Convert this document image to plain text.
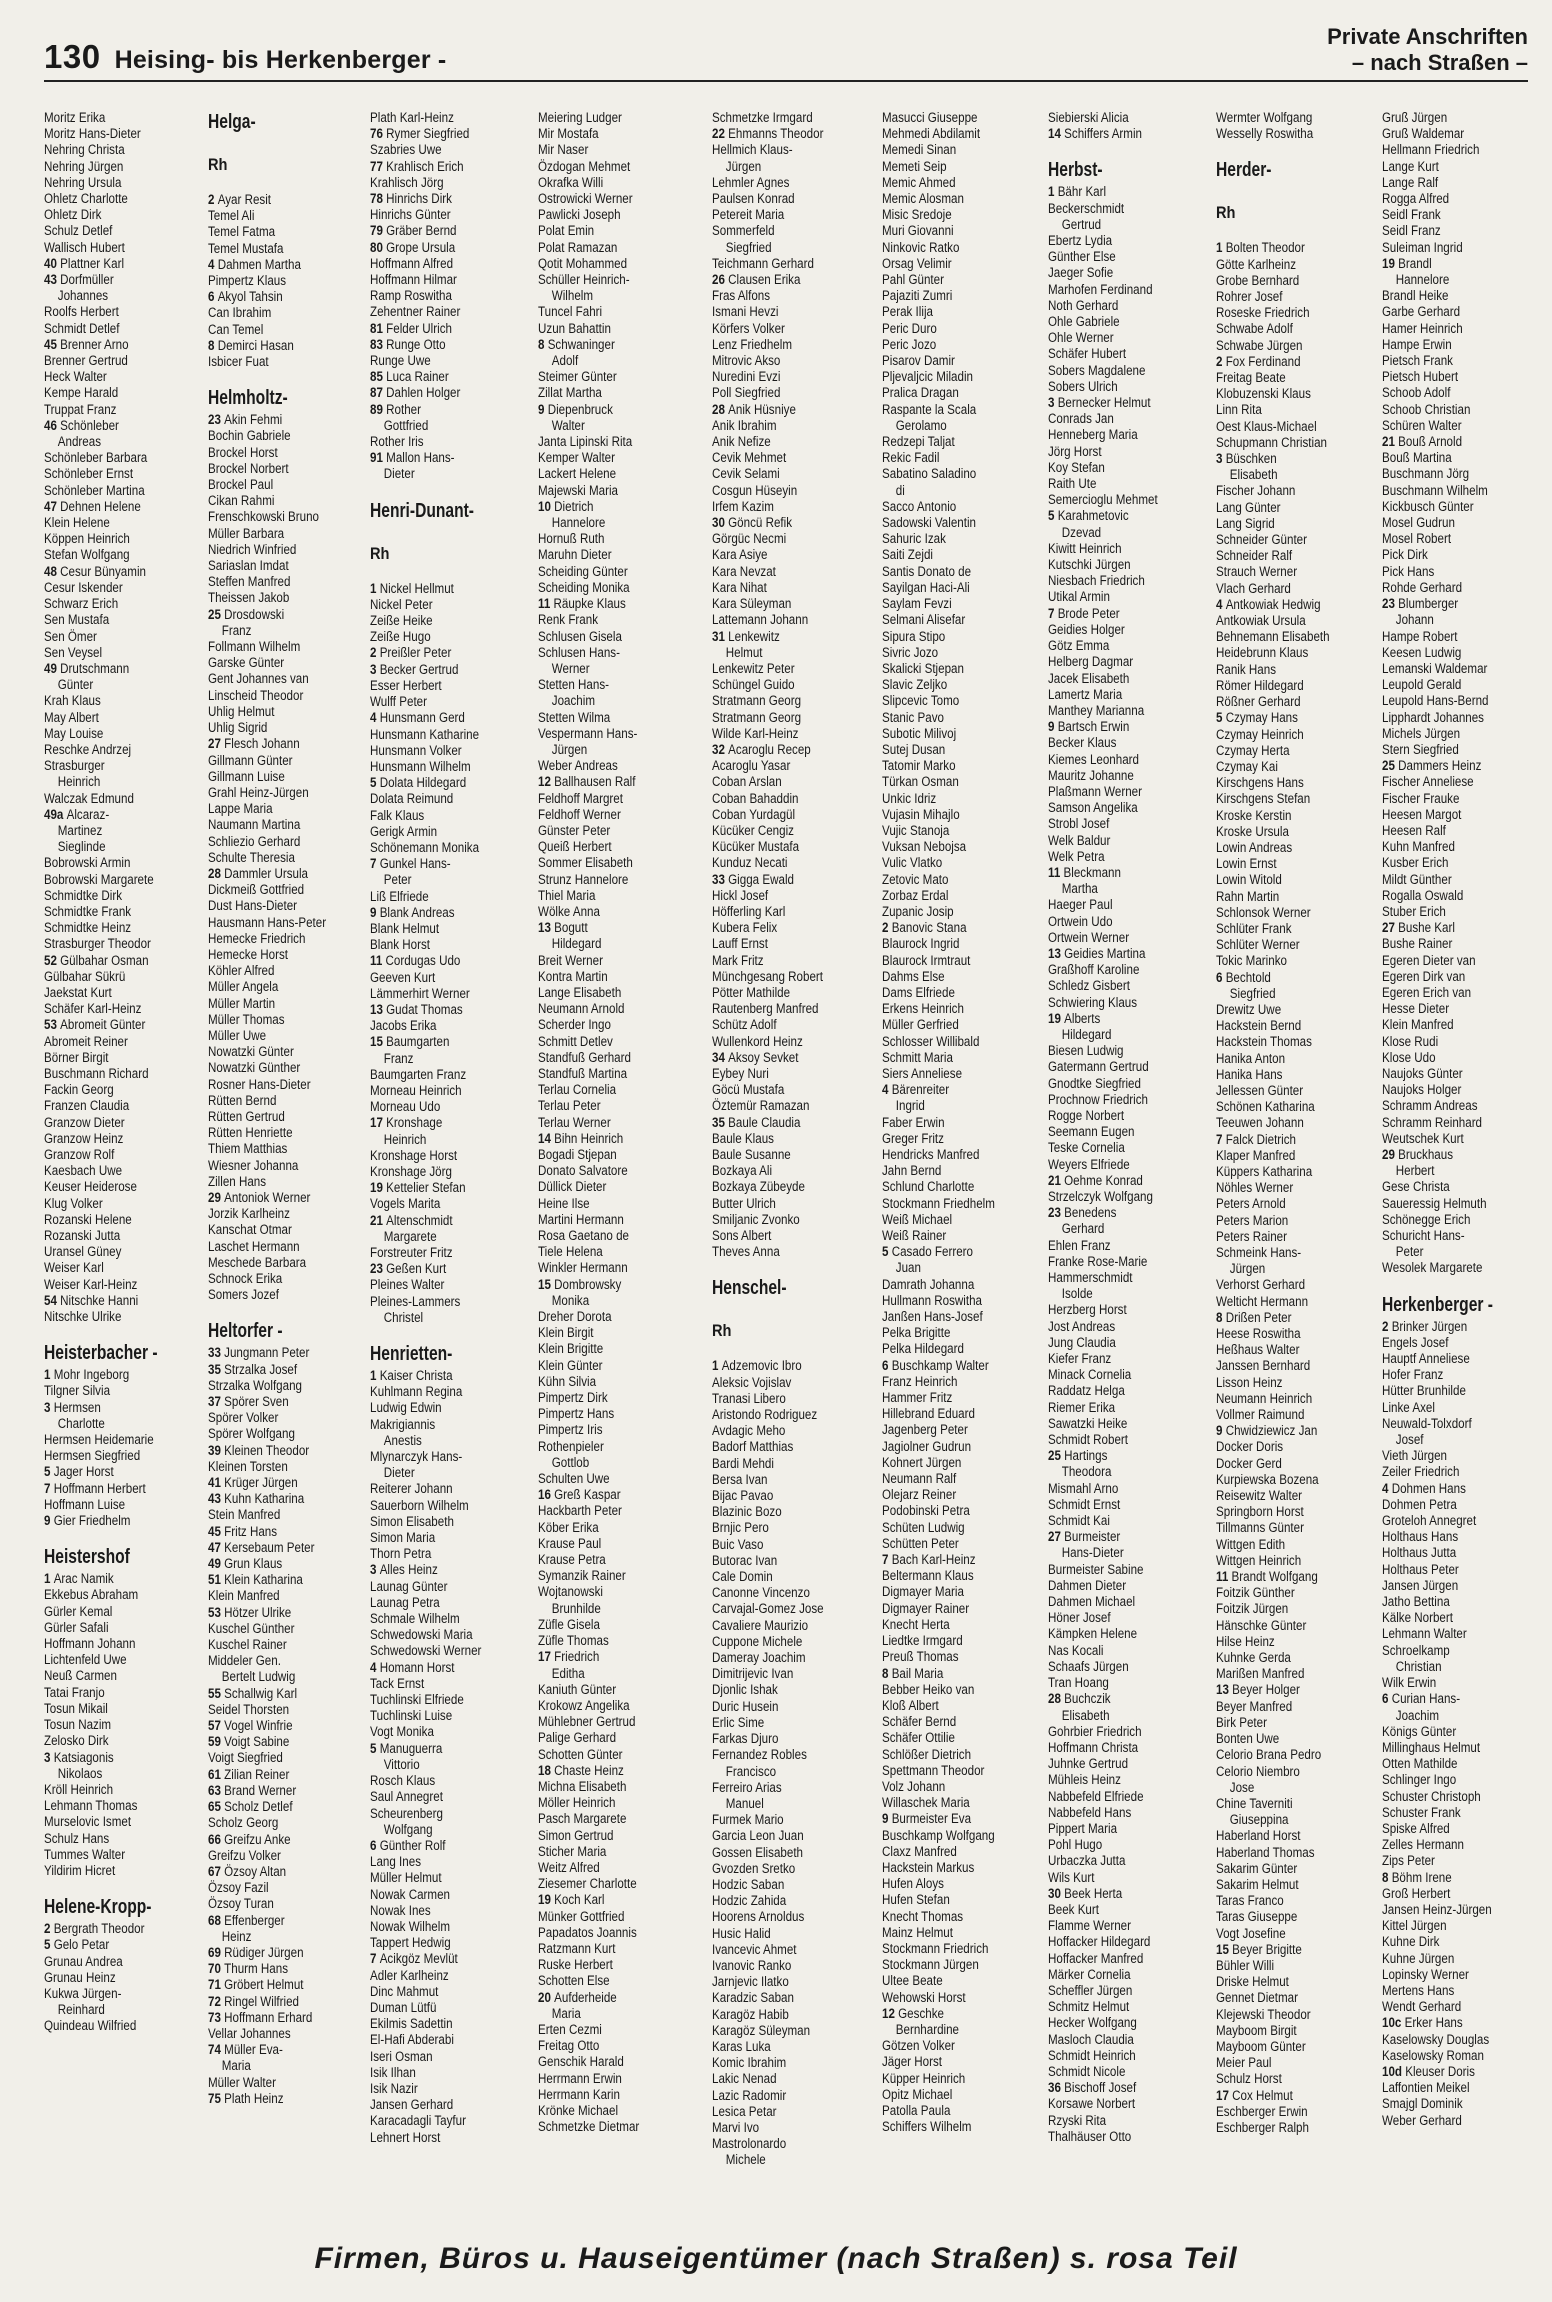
130 Heising- bis Herkenberger -
Private Anschriften
– nach Straßen –
Moritz Erika
Moritz Hans-Dieter
Nehring Christa
Nehring Jürgen
Nehring Ursula
Ohletz Charlotte
Ohletz Dirk
Schulz Detlef
Wallisch Hubert
40 Plattner Karl
43 Dorfmüller
Johannes
Roolfs Herbert
Schmidt Detlef
45 Brenner Arno
Brenner Gertrud
Heck Walter
Kempe Harald
Truppat Franz
46 Schönleber
Andreas
Schönleber Barbara
Schönleber Ernst
Schönleber Martina
47 Dehnen Helene
Klein Helene
Köppen Heinrich
Stefan Wolfgang
48 Cesur Bünyamin
Cesur Iskender
Schwarz Erich
Sen Mustafa
Sen Ömer
Sen Veysel
49 Drutschmann
Günter
Krah Klaus
May Albert
May Louise
Reschke Andrzej
Strasburger
Heinrich
Walczak Edmund
49a Alcaraz-
Martinez
Sieglinde
Bobrowski Armin
Bobrowski Margarete
Schmidtke Dirk
Schmidtke Frank
Schmidtke Heinz
Strasburger Theodor
52 Gülbahar Osman
Gülbahar Sükrü
Jaekstat Kurt
Schäfer Karl-Heinz
53 Abromeit Günter
Abromeit Reiner
Börner Birgit
Buschmann Richard
Fackin Georg
Franzen Claudia
Granzow Dieter
Granzow Heinz
Granzow Rolf
Kaesbach Uwe
Keuser Heiderose
Klug Volker
Rozanski Helene
Rozanski Jutta
Uransel Güney
Weiser Karl
Weiser Karl-Heinz
54 Nitschke Hanni
Nitschke Ulrike
Heisterbacher -
1 Mohr Ingeborg
Tilgner Silvia
3 Hermsen
Charlotte
Hermsen Heidemarie
Hermsen Siegfried
5 Jager Horst
7 Hoffmann Herbert
Hoffmann Luise
9 Gier Friedhelm
Heistershof
1 Arac Namik
Ekkebus Abraham
Gürler Kemal
Gürler Safali
Hoffmann Johann
Lichtenfeld Uwe
Neuß Carmen
Tatai Franjo
Tosun Mikail
Tosun Nazim
Zelosko Dirk
3 Katsiagonis
Nikolaos
Kröll Heinrich
Lehmann Thomas
Murselovic Ismet
Schulz Hans
Tummes Walter
Yildirim Hicret
Helene-Kropp-
2 Bergrath Theodor
5 Gelo Petar
Grunau Andrea
Grunau Heinz
Kukwa Jürgen-
Reinhard
Quindeau Wilfried
Helga-
Rh
2 Ayar Resit
Temel Ali
Temel Fatma
Temel Mustafa
4 Dahmen Martha
Pimpertz Klaus
6 Akyol Tahsin
Can Ibrahim
Can Temel
8 Demirci Hasan
Isbicer Fuat
Helmholtz-
23 Akin Fehmi
Bochin Gabriele
Brockel Horst
Brockel Norbert
Brockel Paul
Cikan Rahmi
Frenschkowski Bruno
Müller Barbara
Niedrich Winfried
Sariaslan Imdat
Steffen Manfred
Theissen Jakob
25 Drosdowski
Franz
Follmann Wilhelm
Garske Günter
Gent Johannes van
Linscheid Theodor
Uhlig Helmut
Uhlig Sigrid
27 Flesch Johann
Gillmann Günter
Gillmann Luise
Grahl Heinz-Jürgen
Lappe Maria
Naumann Martina
Schliezio Gerhard
Schulte Theresia
28 Dammler Ursula
Dickmeiß Gottfried
Dust Hans-Dieter
Hausmann Hans-Peter
Hemecke Friedrich
Hemecke Horst
Köhler Alfred
Müller Angela
Müller Martin
Müller Thomas
Müller Uwe
Nowatzki Günter
Nowatzki Günther
Rosner Hans-Dieter
Rütten Bernd
Rütten Gertrud
Rütten Henriette
Thiem Matthias
Wiesner Johanna
Zillen Hans
29 Antoniok Werner
Jorzik Karlheinz
Kanschat Otmar
Laschet Hermann
Meschede Barbara
Schnock Erika
Somers Jozef
Heltorfer -
33 Jungmann Peter
35 Strzalka Josef
Strzalka Wolfgang
37 Spörer Sven
Spörer Volker
Spörer Wolfgang
39 Kleinen Theodor
Kleinen Torsten
41 Krüger Jürgen
43 Kuhn Katharina
Stein Manfred
45 Fritz Hans
47 Kersebaum Peter
49 Grun Klaus
51 Klein Katharina
Klein Manfred
53 Hötzer Ulrike
Kuschel Günther
Kuschel Rainer
Middeler Gen.
Bertelt Ludwig
55 Schallwig Karl
Seidel Thorsten
57 Vogel Winfrie
59 Voigt Sabine
Voigt Siegfried
61 Zilian Reiner
63 Brand Werner
65 Scholz Detlef
Scholz Georg
66 Greifzu Anke
Greifzu Volker
67 Özsoy Altan
Özsoy Fazil
Özsoy Turan
68 Effenberger
Heinz
69 Rüdiger Jürgen
70 Thurm Hans
71 Gröbert Helmut
72 Ringel Wilfried
73 Hoffmann Erhard
Vellar Johannes
74 Müller Eva-
Maria
Müller Walter
75 Plath Heinz
Plath Karl-Heinz
76 Rymer Siegfried
Szabries Uwe
77 Krahlisch Erich
Krahlisch Jörg
78 Hinrichs Dirk
Hinrichs Günter
79 Gräber Bernd
80 Grope Ursula
Hoffmann Alfred
Hoffmann Hilmar
Ramp Roswitha
Zehentner Rainer
81 Felder Ulrich
83 Runge Otto
Runge Uwe
85 Luca Rainer
87 Dahlen Holger
89 Rother
Gottfried
Rother Iris
91 Mallon Hans-
Dieter
Henri-Dunant-
Rh
1 Nickel Hellmut
Nickel Peter
Zeiße Heike
Zeiße Hugo
2 Preißler Peter
3 Becker Gertrud
Esser Herbert
Wulff Peter
4 Hunsmann Gerd
Hunsmann Katharine
Hunsmann Volker
Hunsmann Wilhelm
5 Dolata Hildegard
Dolata Reimund
Falk Klaus
Gerigk Armin
Schönemann Monika
7 Gunkel Hans-
Peter
Liß Elfriede
9 Blank Andreas
Blank Helmut
Blank Horst
11 Cordugas Udo
Geeven Kurt
Lämmerhirt Werner
13 Gudat Thomas
Jacobs Erika
15 Baumgarten
Franz
Baumgarten Franz
Morneau Heinrich
Morneau Udo
17 Kronshage
Heinrich
Kronshage Horst
Kronshage Jörg
19 Kettelier Stefan
Vogels Marita
21 Altenschmidt
Margarete
Forstreuter Fritz
23 Geßen Kurt
Pleines Walter
Pleines-Lammers
Christel
Henrietten-
1 Kaiser Christa
Kuhlmann Regina
Ludwig Edwin
Makrigiannis
Anestis
Mlynarczyk Hans-
Dieter
Reiterer Johann
Sauerborn Wilhelm
Simon Elisabeth
Simon Maria
Thorn Petra
3 Alles Heinz
Launag Günter
Launag Petra
Schmale Wilhelm
Schwedowski Maria
Schwedowski Werner
4 Homann Horst
Tack Ernst
Tuchlinski Elfriede
Tuchlinski Luise
Vogt Monika
5 Manuguerra
Vittorio
Rosch Klaus
Saul Annegret
Scheurenberg
Wolfgang
6 Günther Rolf
Lang Ines
Müller Helmut
Nowak Carmen
Nowak Ines
Nowak Wilhelm
Tappert Hedwig
7 Acikgöz Mevlüt
Adler Karlheinz
Dinc Mahmut
Duman Lütfü
Ekilmis Sadettin
El-Hafi Abderabi
Iseri Osman
Isik Ilhan
Isik Nazir
Jansen Gerhard
Karacadagli Tayfur
Lehnert Horst
Meiering Ludger
Mir Mostafa
Mir Naser
Özdogan Mehmet
Okrafka Willi
Ostrowicki Werner
Pawlicki Joseph
Polat Emin
Polat Ramazan
Qotit Mohammed
Schüller Heinrich-
Wilhelm
Tuncel Fahri
Uzun Bahattin
8 Schwaninger
Adolf
Steimer Günter
Zillat Martha
9 Diepenbruck
Walter
Janta Lipinski Rita
Kemper Walter
Lackert Helene
Majewski Maria
10 Dietrich
Hannelore
Hornuß Ruth
Maruhn Dieter
Scheiding Günter
Scheiding Monika
11 Räupke Klaus
Renk Frank
Schlusen Gisela
Schlusen Hans-
Werner
Stetten Hans-
Joachim
Stetten Wilma
Vespermann Hans-
Jürgen
Weber Andreas
12 Ballhausen Ralf
Feldhoff Margret
Feldhoff Werner
Günster Peter
Queiß Herbert
Sommer Elisabeth
Strunz Hannelore
Thiel Maria
Wölke Anna
13 Bogutt
Hildegard
Breit Werner
Kontra Martin
Lange Elisabeth
Neumann Arnold
Scherder Ingo
Schmitt Detlev
Standfuß Gerhard
Standfuß Martina
Terlau Cornelia
Terlau Peter
Terlau Werner
14 Bihn Heinrich
Bogadi Stjepan
Donato Salvatore
Düllick Dieter
Heine Ilse
Martini Hermann
Rosa Gaetano de
Tiele Helena
Winkler Hermann
15 Dombrowsky
Monika
Dreher Dorota
Klein Birgit
Klein Brigitte
Klein Günter
Kühn Silvia
Pimpertz Dirk
Pimpertz Hans
Pimpertz Iris
Rothenpieler
Gottlob
Schulten Uwe
16 Greß Kaspar
Hackbarth Peter
Köber Erika
Krause Paul
Krause Petra
Symanzik Rainer
Wojtanowski
Brunhilde
Züfle Gisela
Züfle Thomas
17 Friedrich
Editha
Kaniuth Günter
Krokowz Angelika
Mühlebner Gertrud
Palige Gerhard
Schotten Günter
18 Chaste Heinz
Michna Elisabeth
Möller Heinrich
Pasch Margarete
Simon Gertrud
Sticher Maria
Weitz Alfred
Ziesemer Charlotte
19 Koch Karl
Münker Gottfried
Papadatos Joannis
Ratzmann Kurt
Ruske Herbert
Schotten Else
20 Aufderheide
Maria
Erten Cezmi
Freitag Otto
Genschik Harald
Herrmann Erwin
Herrmann Karin
Krönke Michael
Schmetzke Dietmar
Schmetzke Irmgard
22 Ehmanns Theodor
Hellmich Klaus-
Jürgen
Lehmler Agnes
Paulsen Konrad
Petereit Maria
Sommerfeld
Siegfried
Teichmann Gerhard
26 Clausen Erika
Fras Alfons
Ismani Hevzi
Körfers Volker
Lenz Friedhelm
Mitrovic Akso
Nuredini Evzi
Poll Siegfried
28 Anik Hüsniye
Anik Ibrahim
Anik Nefize
Cevik Mehmet
Cevik Selami
Cosgun Hüseyin
Irfem Kazim
30 Göncü Refik
Görgüc Necmi
Kara Asiye
Kara Nevzat
Kara Nihat
Kara Süleyman
Lattemann Johann
31 Lenkewitz
Helmut
Lenkewitz Peter
Schüngel Guido
Stratmann Georg
Stratmann Georg
Wilde Karl-Heinz
32 Acaroglu Recep
Acaroglu Yasar
Coban Arslan
Coban Bahaddin
Coban Yurdagül
Kücüker Cengiz
Kücüker Mustafa
Kunduz Necati
33 Gigga Ewald
Hickl Josef
Höfferling Karl
Kubera Felix
Lauff Ernst
Mark Fritz
Münchgesang Robert
Pötter Mathilde
Rautenberg Manfred
Schütz Adolf
Wullenkord Heinz
34 Aksoy Sevket
Eybey Nuri
Göcü Mustafa
Öztemür Ramazan
35 Baule Claudia
Baule Klaus
Baule Susanne
Bozkaya Ali
Bozkaya Zübeyde
Butter Ulrich
Smiljanic Zvonko
Sons Albert
Theves Anna
Henschel-
Rh
1 Adzemovic Ibro
Aleksic Vojislav
Tranasi Libero
Aristondo Rodriguez
Avdagic Meho
Badorf Matthias
Bardi Mehdi
Bersa Ivan
Bijac Pavao
Blazinic Bozo
Brnjic Pero
Buic Vaso
Butorac Ivan
Cale Domin
Canonne Vincenzo
Carvajal-Gomez Jose
Cavaliere Maurizio
Cuppone Michele
Dameray Joachim
Dimitrijevic Ivan
Djonlic Ishak
Duric Husein
Erlic Sime
Farkas Djuro
Fernandez Robles
Francisco
Ferreiro Arias
Manuel
Furmek Mario
Garcia Leon Juan
Gossen Elisabeth
Gvozden Sretko
Hodzic Saban
Hodzic Zahida
Hoorens Arnoldus
Husic Halid
Ivancevic Ahmet
Ivanovic Ranko
Jarnjevic Ilatko
Karadzic Saban
Karagöz Habib
Karagöz Süleyman
Karas Luka
Komic Ibrahim
Lakic Nenad
Lazic Radomir
Lesica Petar
Marvi Ivo
Mastrolonardo
Michele
Masucci Giuseppe
Mehmedi Abdilamit
Memedi Sinan
Memeti Seip
Memic Ahmed
Memic Alosman
Misic Sredoje
Muri Giovanni
Ninkovic Ratko
Orsag Velimir
Pahl Günter
Pajaziti Zumri
Perak Ilija
Peric Duro
Peric Jozo
Pisarov Damir
Pljevaljcic Miladin
Pralica Dragan
Raspante la Scala
Gerolamo
Redzepi Taljat
Rekic Fadil
Sabatino Saladino
di
Sacco Antonio
Sadowski Valentin
Sahuric Izak
Saiti Zejdi
Santis Donato de
Sayilgan Haci-Ali
Saylam Fevzi
Selmani Alisefar
Sipura Stipo
Sivric Jozo
Skalicki Stjepan
Slavic Zeljko
Slipcevic Tomo
Stanic Pavo
Subotic Milivoj
Sutej Dusan
Tatomir Marko
Türkan Osman
Unkic Idriz
Vujasin Mihajlo
Vujic Stanoja
Vuksan Nebojsa
Vulic Vlatko
Zetovic Mato
Zorbaz Erdal
Zupanic Josip
2 Banovic Stana
Blaurock Ingrid
Blaurock Irmtraut
Dahms Else
Dams Elfriede
Erkens Heinrich
Müller Gerfried
Schlosser Willibald
Schmitt Maria
Siers Anneliese
4 Bärenreiter
Ingrid
Faber Erwin
Greger Fritz
Hendricks Manfred
Jahn Bernd
Schlund Charlotte
Stockmann Friedhelm
Weiß Michael
Weiß Rainer
5 Casado Ferrero
Juan
Damrath Johanna
Hullmann Roswitha
Janßen Hans-Josef
Pelka Brigitte
Pelka Hildegard
6 Buschkamp Walter
Franz Heinrich
Hammer Fritz
Hillebrand Eduard
Jagenberg Peter
Jagiolner Gudrun
Kohnert Jürgen
Neumann Ralf
Olejarz Reiner
Podobinski Petra
Schüten Ludwig
Schütten Peter
7 Bach Karl-Heinz
Beltermann Klaus
Digmayer Maria
Digmayer Rainer
Knecht Herta
Liedtke Irmgard
Preuß Thomas
8 Bail Maria
Bebber Heiko van
Kloß Albert
Schäfer Bernd
Schäfer Ottilie
Schlößer Dietrich
Spettmann Theodor
Volz Johann
Willaschek Maria
9 Burmeister Eva
Buschkamp Wolfgang
Claxz Manfred
Hackstein Markus
Hufen Aloys
Hufen Stefan
Knecht Thomas
Mainz Helmut
Stockmann Friedrich
Stockmann Jürgen
Ultee Beate
Wehowski Horst
12 Geschke
Bernhardine
Götzen Volker
Jäger Horst
Küpper Heinrich
Opitz Michael
Patolla Paula
Schiffers Wilhelm
Siebierski Alicia
14 Schiffers Armin
Herbst-
1 Bähr Karl
Beckerschmidt
Gertrud
Ebertz Lydia
Günther Else
Jaeger Sofie
Marhofen Ferdinand
Noth Gerhard
Ohle Gabriele
Ohle Werner
Schäfer Hubert
Sobers Magdalene
Sobers Ulrich
3 Bernecker Helmut
Conrads Jan
Henneberg Maria
Jörg Horst
Koy Stefan
Raith Ute
Semercioglu Mehmet
5 Karahmetovic
Dzevad
Kiwitt Heinrich
Kutschki Jürgen
Niesbach Friedrich
Utikal Armin
7 Brode Peter
Geidies Holger
Götz Emma
Helberg Dagmar
Jacek Elisabeth
Lamertz Maria
Manthey Marianna
9 Bartsch Erwin
Becker Klaus
Kiemes Leonhard
Mauritz Johanne
Plaßmann Werner
Samson Angelika
Strobl Josef
Welk Baldur
Welk Petra
11 Bleckmann
Martha
Haeger Paul
Ortwein Udo
Ortwein Werner
13 Geidies Martina
Graßhoff Karoline
Schledz Gisbert
Schwiering Klaus
19 Alberts
Hildegard
Biesen Ludwig
Gatermann Gertrud
Gnodtke Siegfried
Prochnow Friedrich
Rogge Norbert
Seemann Eugen
Teske Cornelia
Weyers Elfriede
21 Oehme Konrad
Strzelczyk Wolfgang
23 Benedens
Gerhard
Ehlen Franz
Franke Rose-Marie
Hammerschmidt
Isolde
Herzberg Horst
Jost Andreas
Jung Claudia
Kiefer Franz
Minack Cornelia
Raddatz Helga
Riemer Erika
Sawatzki Heike
Schmidt Robert
25 Hartings
Theodora
Mismahl Arno
Schmidt Ernst
Schmidt Kai
27 Burmeister
Hans-Dieter
Burmeister Sabine
Dahmen Dieter
Dahmen Michael
Höner Josef
Kämpken Helene
Nas Kocali
Schaafs Jürgen
Tran Hoang
28 Buchczik
Elisabeth
Gohrbier Friedrich
Hoffmann Christa
Juhnke Gertrud
Mühleis Heinz
Nabbefeld Elfriede
Nabbefeld Hans
Pippert Maria
Pohl Hugo
Urbaczka Jutta
Wils Kurt
30 Beek Herta
Beek Kurt
Flamme Werner
Hoffacker Hildegard
Hoffacker Manfred
Märker Cornelia
Scheffler Jürgen
Schmitz Helmut
Hecker Wolfgang
Masloch Claudia
Schmidt Heinrich
Schmidt Nicole
36 Bischoff Josef
Korsawe Norbert
Rzyski Rita
Thalhäuser Otto
Wermter Wolfgang
Wesselly Roswitha
Herder-
Rh
1 Bolten Theodor
Götte Karlheinz
Grobe Bernhard
Rohrer Josef
Roseske Friedrich
Schwabe Adolf
Schwabe Jürgen
2 Fox Ferdinand
Freitag Beate
Klobuzenski Klaus
Linn Rita
Oest Klaus-Michael
Schupmann Christian
3 Büschken
Elisabeth
Fischer Johann
Lang Günter
Lang Sigrid
Schneider Günter
Schneider Ralf
Strauch Werner
Vlach Gerhard
4 Antkowiak Hedwig
Antkowiak Ursula
Behnemann Elisabeth
Heidebrunn Klaus
Ranik Hans
Römer Hildegard
Rößner Gerhard
5 Czymay Hans
Czymay Heinrich
Czymay Herta
Czymay Kai
Kirschgens Hans
Kirschgens Stefan
Kroske Kerstin
Kroske Ursula
Lowin Andreas
Lowin Ernst
Lowin Witold
Rahn Martin
Schlonsok Werner
Schlüter Frank
Schlüter Werner
Tokic Marinko
6 Bechtold
Siegfried
Drewitz Uwe
Hackstein Bernd
Hackstein Thomas
Hanika Anton
Hanika Hans
Jellessen Günter
Schönen Katharina
Teeuwen Johann
7 Falck Dietrich
Klaper Manfred
Küppers Katharina
Nöhles Werner
Peters Arnold
Peters Marion
Peters Rainer
Schmeink Hans-
Jürgen
Verhorst Gerhard
Welticht Hermann
8 Drißen Peter
Heese Roswitha
Heßhaus Walter
Janssen Bernhard
Lisson Heinz
Neumann Heinrich
Vollmer Raimund
9 Chwidziewicz Jan
Docker Doris
Docker Gerd
Kurpiewska Bozena
Reisewitz Walter
Springborn Horst
Tillmanns Günter
Wittgen Edith
Wittgen Heinrich
11 Brandt Wolfgang
Foitzik Günther
Foitzik Jürgen
Hänschke Günter
Hilse Heinz
Kuhnke Gerda
Marißen Manfred
13 Beyer Holger
Beyer Manfred
Birk Peter
Bonten Uwe
Celorio Brana Pedro
Celorio Niembro
Jose
Chine Taverniti
Giuseppina
Haberland Horst
Haberland Thomas
Sakarim Günter
Sakarim Helmut
Taras Franco
Taras Giuseppe
Vogt Josefine
15 Beyer Brigitte
Bühler Willi
Driske Helmut
Gennet Dietmar
Klejewski Theodor
Mayboom Birgit
Mayboom Günter
Meier Paul
Schulz Horst
17 Cox Helmut
Eschberger Erwin
Eschberger Ralph
Gruß Jürgen
Gruß Waldemar
Hellmann Friedrich
Lange Kurt
Lange Ralf
Rogga Alfred
Seidl Frank
Seidl Franz
Suleiman Ingrid
19 Brandl
Hannelore
Brandl Heike
Garbe Gerhard
Hamer Heinrich
Hampe Erwin
Pietsch Frank
Pietsch Hubert
Schoob Adolf
Schoob Christian
Schüren Walter
21 Bouß Arnold
Bouß Martina
Buschmann Jörg
Buschmann Wilhelm
Kickbusch Günter
Mosel Gudrun
Mosel Robert
Pick Dirk
Pick Hans
Rohde Gerhard
23 Blumberger
Johann
Hampe Robert
Keesen Ludwig
Lemanski Waldemar
Leupold Gerald
Leupold Hans-Bernd
Lipphardt Johannes
Michels Jürgen
Stern Siegfried
25 Dammers Heinz
Fischer Anneliese
Fischer Frauke
Heesen Margot
Heesen Ralf
Kuhn Manfred
Kusber Erich
Mildt Günther
Rogalla Oswald
Stuber Erich
27 Bushe Karl
Bushe Rainer
Egeren Dieter van
Egeren Dirk van
Egeren Erich van
Hesse Dieter
Klein Manfred
Klose Rudi
Klose Udo
Naujoks Günter
Naujoks Holger
Schramm Andreas
Schramm Reinhard
Weutschek Kurt
29 Bruckhaus
Herbert
Gese Christa
Saueressig Helmuth
Schönegge Erich
Schuricht Hans-
Peter
Wesolek Margarete
Herkenberger -
2 Brinker Jürgen
Engels Josef
Hauptf Anneliese
Hofer Franz
Hütter Brunhilde
Linke Axel
Neuwald-Tolxdorf
Josef
Vieth Jürgen
Zeiler Friedrich
4 Dohmen Hans
Dohmen Petra
Groteloh Annegret
Holthaus Hans
Holthaus Jutta
Holthaus Peter
Jansen Jürgen
Jatho Bettina
Kälke Norbert
Lehmann Walter
Schroelkamp
Christian
Wilk Erwin
6 Curian Hans-
Joachim
Königs Günter
Millinghaus Helmut
Otten Mathilde
Schlinger Ingo
Schuster Christoph
Schuster Frank
Spiske Alfred
Zelles Hermann
Zips Peter
8 Böhm Irene
Groß Herbert
Jansen Heinz-Jürgen
Kittel Jürgen
Kuhne Dirk
Kuhne Jürgen
Lopinsky Werner
Mertens Hans
Wendt Gerhard
10c Erker Hans
Kaselowsky Douglas
Kaselowsky Roman
10d Kleuser Doris
Laffontien Meikel
Smajgl Dominik
Weber Gerhard
Firmen, Büros u. Hauseigentümer (nach Straßen) s. rosa Teil
